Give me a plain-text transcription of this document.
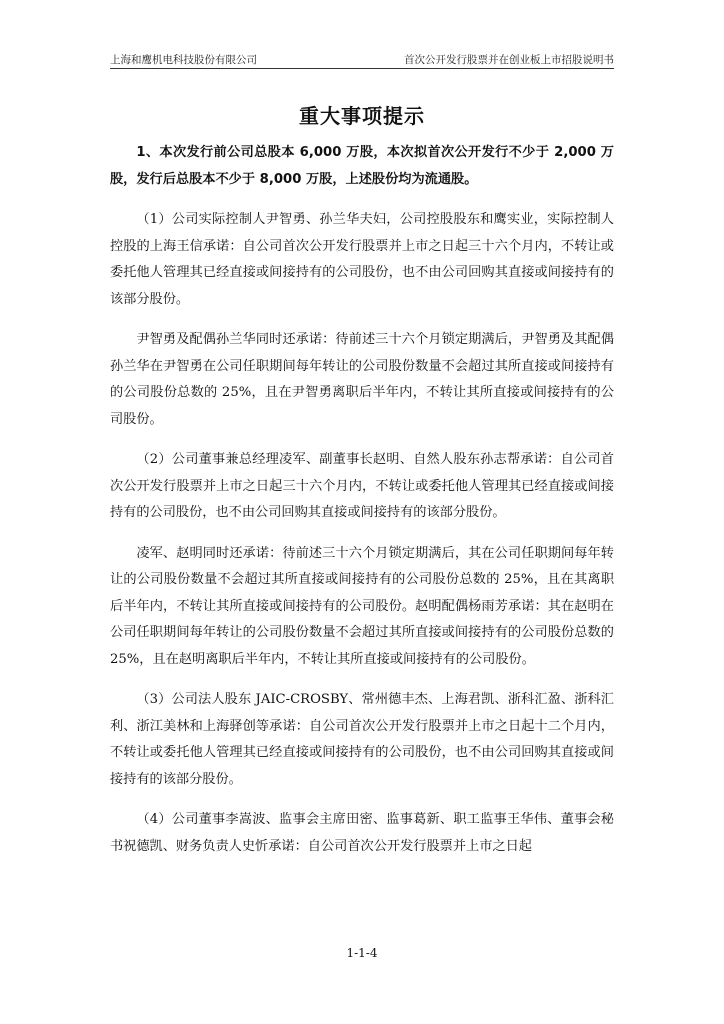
上海和鹰机电科技股份有限公司	首次公开发行股票并在创业板上市招股说明书
重大事项提示

1、本次发行前公司总股本 6,000 万股，本次拟首次公开发行不少于 2,000 万股，发行后总股本不少于 8,000 万股，上述股份均为流通股。

（1）公司实际控制人尹智勇、孙兰华夫妇，公司控股股东和鹰实业，实际控制人控股的上海王信承诺：自公司首次公开发行股票并上市之日起三十六个月内，不转让或委托他人管理其已经直接或间接持有的公司股份，也不由公司回购其直接或间接持有的该部分股份。

尹智勇及配偶孙兰华同时还承诺：待前述三十六个月锁定期满后，尹智勇及其配偶孙兰华在尹智勇在公司任职期间每年转让的公司股份数量不会超过其所直接或间接持有的公司股份总数的 25%，且在尹智勇离职后半年内，不转让其所直接或间接持有的公司股份。

（2）公司董事兼总经理凌军、副董事长赵明、自然人股东孙志帮承诺：自公司首次公开发行股票并上市之日起三十六个月内，不转让或委托他人管理其已经直接或间接持有的公司股份，也不由公司回购其直接或间接持有的该部分股份。

凌军、赵明同时还承诺：待前述三十六个月锁定期满后，其在公司任职期间每年转让的公司股份数量不会超过其所直接或间接持有的公司股份总数的 25%，且在其离职后半年内，不转让其所直接或间接持有的公司股份。赵明配偶杨雨芳承诺：其在赵明在公司任职期间每年转让的公司股份数量不会超过其所直接或间接持有的公司股份总数的 25%，且在赵明离职后半年内，不转让其所直接或间接持有的公司股份。

（3）公司法人股东 JAIC-CROSBY、常州德丰杰、上海君凯、浙科汇盈、浙科汇利、浙江美林和上海驿创等承诺：自公司首次公开发行股票并上市之日起十二个月内，不转让或委托他人管理其已经直接或间接持有的公司股份，也不由公司回购其直接或间接持有的该部分股份。

（4）公司董事李嵩波、监事会主席田密、监事葛新、职工监事王华伟、董事会秘书祝德凯、财务负责人史忻承诺：自公司首次公开发行股票并上市之日起

1-1-4
